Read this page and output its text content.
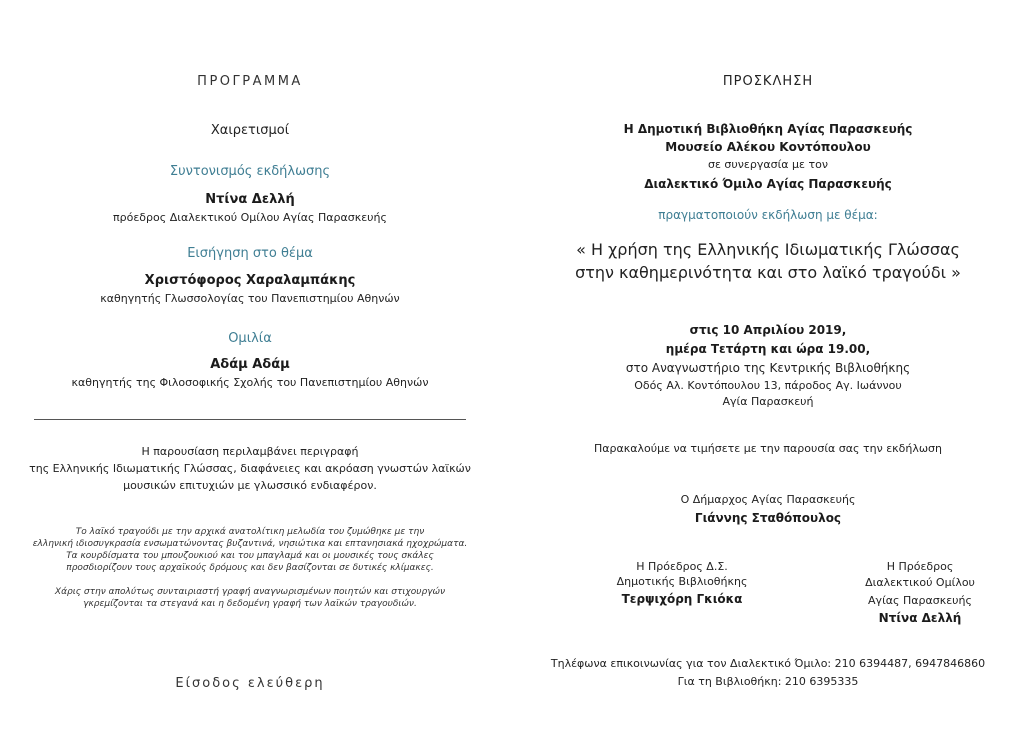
ΠΡΟΓΡΑΜΜΑ
Χαιρετισμοί
Συντονισμός εκδήλωσης
Ντίνα Δελλή
πρόεδρος Διαλεκτικού Ομίλου Αγίας Παρασκευής
Εισήγηση στο θέμα
Χριστόφορος Χαραλαμπάκης
καθηγητής Γλωσσολογίας του Πανεπιστημίου Αθηνών
Ομιλία
Αδάμ Αδάμ
καθηγητής της Φιλοσοφικής Σχολής του Πανεπιστημίου Αθηνών
Η παρουσίαση περιλαμβάνει περιγραφή
της Ελληνικής Ιδιωματικής Γλώσσας, διαφάνειες και ακρόαση γνωστών λαϊκών
μουσικών επιτυχιών με γλωσσικό ενδιαφέρον.
Το λαϊκό τραγούδι με την αρχικά ανατολίτικη μελωδία του ζυμώθηκε με την
ελληνική ιδιοσυγκρασία ενσωματώνοντας βυζαντινά, νησιώτικα και επτανησιακά ηχοχρώματα.
Τα κουρδίσματα του μπουζουκιού και του μπαγλαμά και οι μουσικές τους σκάλες
προσδιορίζουν τους αρχαϊκούς δρόμους και δεν βασίζονται σε δυτικές κλίμακες.
Χάρις στην απολύτως συνταιριαστή γραφή αναγνωρισμένων ποιητών και στιχουργών
γκρεμίζονται τα στεγανά και η δεδομένη γραφή των λαϊκών τραγουδιών.
Είσοδος ελεύθερη
ΠΡΟΣΚΛΗΣΗ
Η Δημοτική Βιβλιοθήκη Αγίας Παρασκευής
Μουσείο Αλέκου Κοντόπουλου
σε συνεργασία με τον
Διαλεκτικό Όμιλο Αγίας Παρασκευής
πραγματοποιούν εκδήλωση με θέμα:
« Η χρήση της Ελληνικής Ιδιωματικής Γλώσσας
στην καθημερινότητα και στο λαϊκό τραγούδι »
στις 10 Απριλίου 2019,
ημέρα Τετάρτη και ώρα 19.00,
στο Αναγνωστήριο της Κεντρικής Βιβλιοθήκης
Οδός Αλ. Κοντόπουλου 13, πάροδος Αγ. Ιωάννου
Αγία Παρασκευή
Παρακαλούμε να τιμήσετε με την παρουσία σας την εκδήλωση
Ο Δήμαρχος Αγίας Παρασκευής
Γιάννης Σταθόπουλος
Η Πρόεδρος Δ.Σ.
Δημοτικής Βιβλιοθήκης
Τερψιχόρη Γκιόκα
Η Πρόεδρος
Διαλεκτικού Ομίλου
Αγίας Παρασκευής
Ντίνα Δελλή
Τηλέφωνα επικοινωνίας για τον Διαλεκτικό Όμιλο: 210 6394487, 6947846860
Για τη Βιβλιοθήκη: 210 6395335
